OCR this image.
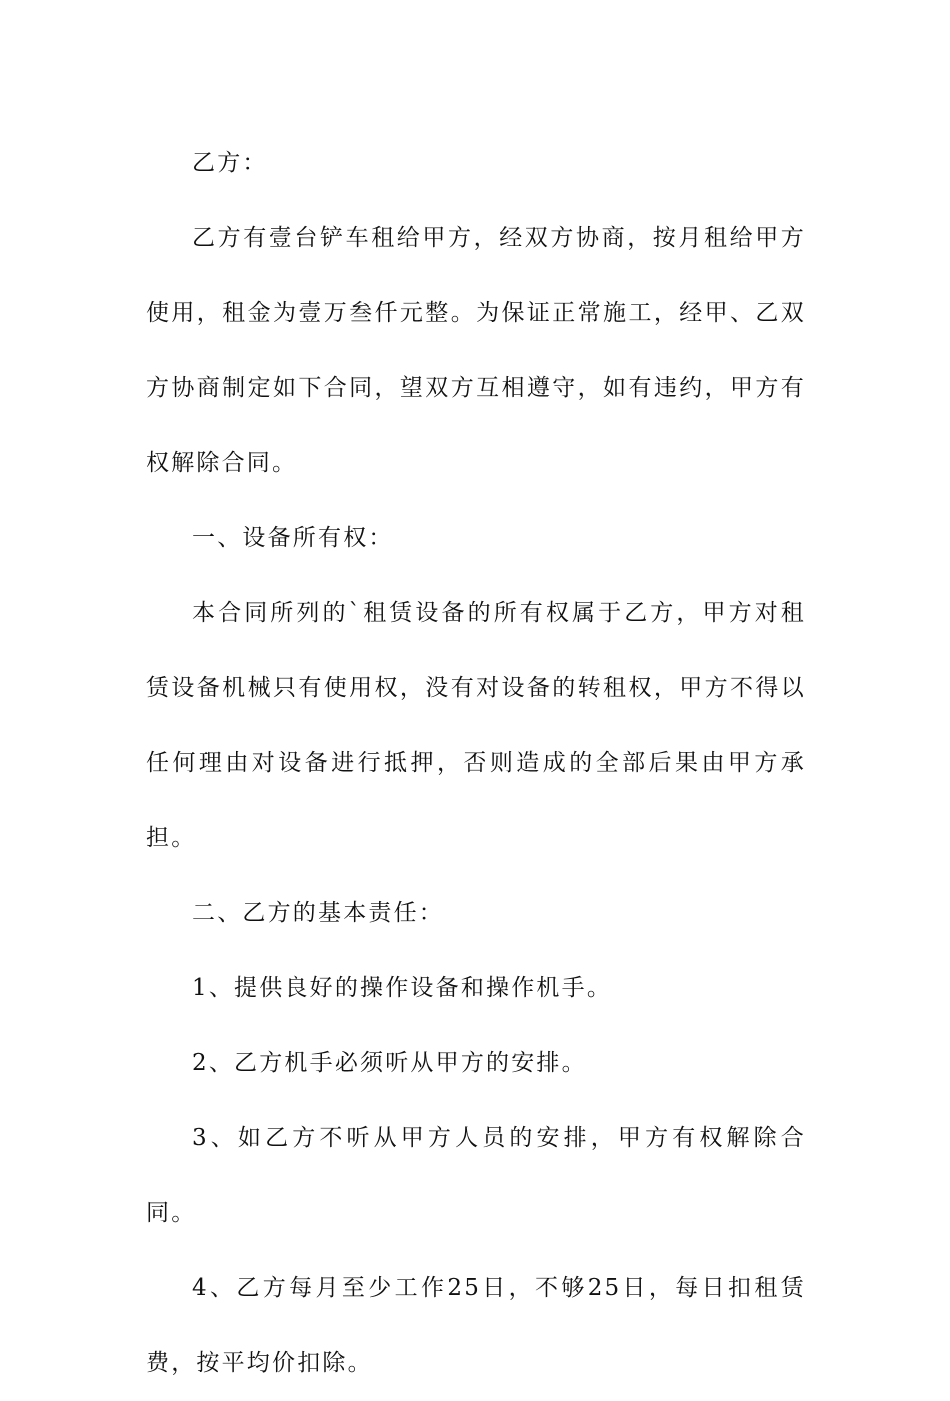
乙方：

乙方有壹台铲车租给甲方，经双方协商，按月租给甲方使用，租金为壹万叁仟元整。为保证正常施工，经甲、乙双方协商制定如下合同，望双方互相遵守，如有违约，甲方有权解除合同。

一、设备所有权：

本合同所列的`租赁设备的所有权属于乙方，甲方对租赁设备机械只有使用权，没有对设备的转租权，甲方不得以任何理由对设备进行抵押，否则造成的全部后果由甲方承担。

二、乙方的基本责任：

1、提供良好的操作设备和操作机手。

2、乙方机手必须听从甲方的安排。

3、如乙方不听从甲方人员的安排，甲方有权解除合同。

4、乙方每月至少工作25日，不够25日，每日扣租赁费，按平均价扣除。
